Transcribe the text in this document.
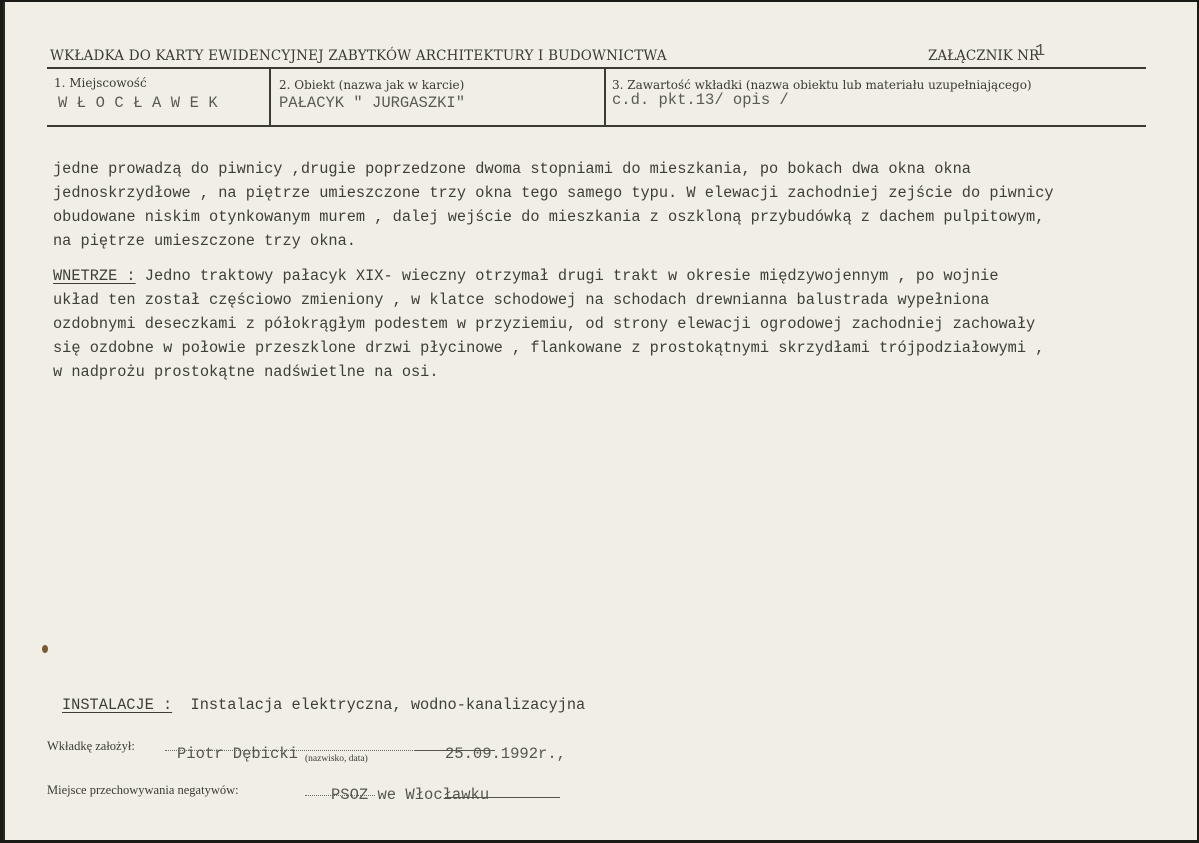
WKŁADKA DO KARTY EWIDENCYJNEJ ZABYTKÓW ARCHITEKTURY I BUDOWNICTWA	ZAŁĄCZNIK NR
1
1. Miejscowość
WŁOCŁAWEK
2. Obiekt (nazwa jak w karcie)
PAŁACYK " JURGASZKI"
3. Zawartość wkładki (nazwa obiektu lub materiału uzupełniającego)
c.d. pkt.13/ opis /
jedne prowadzą do piwnicy ,drugie poprzedzone dwoma stopniami do mieszkania, po bokach dwa okna okna
jednoskrzydłowe , na piętrze umieszczone trzy okna tego samego typu. W elewacji zachodniej zejście do piwnicy
obudowane niskim otynkowanym murem , dalej wejście do mieszkania z oszkloną przybudówką z dachem pulpitowym,
na piętrze umieszczone trzy okna.
WNETRZE : Jedno traktowy pałacyk XIX- wieczny otrzymał drugi trakt w okresie międzywojennym , po wojnie
układ ten został częściowo zmieniony , w klatce schodowej na schodach drewnianna balustrada wypełniona
ozdobnymi deseczkami z półokrągłym podestem w przyziemiu, od strony elewacji ogrodowej zachodniej zachowały
się ozdobne w połowie przeszklone drzwi płycinowe , flankowane z prostokątnymi skrzydłami trójpodziałowymi ,
w nadprożu prostokątne nadświetlne na osi.
INSTALACJE : Instalacja elektryczna, wodno-kanalizacyjna
Wkładkę założył:	Piotr Dębicki (nazwisko, data)	25.09.1992r.,
Miejsce przechowywania negatywów:	PSOZ we Włocławku
